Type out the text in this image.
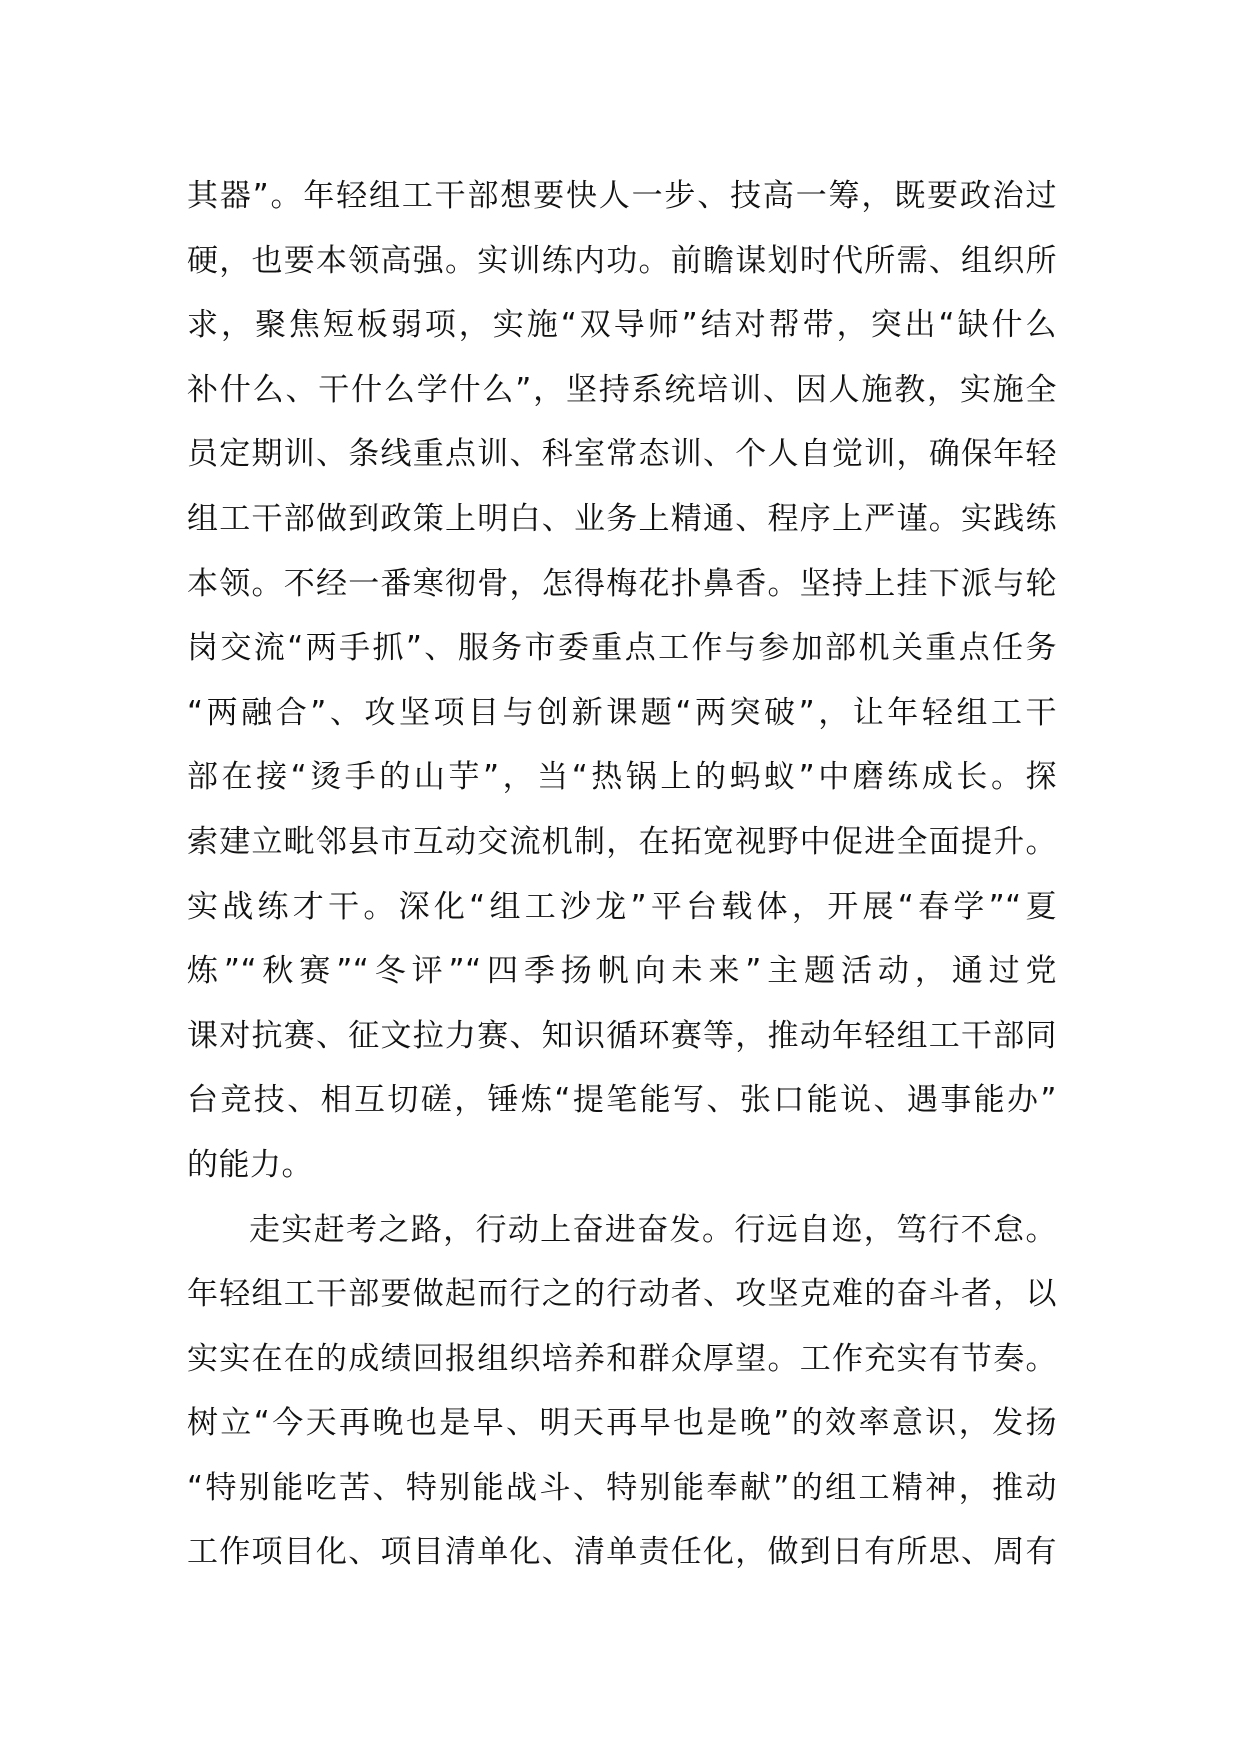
其器”。年轻组工干部想要快人一步、技高一筹，既要政治过
硬，也要本领高强。实训练内功。前瞻谋划时代所需、组织所
求，聚焦短板弱项，实施“双导师”结对帮带，突出“缺什么
补什么、干什么学什么”，坚持系统培训、因人施教，实施全
员定期训、条线重点训、科室常态训、个人自觉训，确保年轻
组工干部做到政策上明白、业务上精通、程序上严谨。实践练
本领。不经一番寒彻骨，怎得梅花扑鼻香。坚持上挂下派与轮
岗交流“两手抓”、服务市委重点工作与参加部机关重点任务
“两融合”、攻坚项目与创新课题“两突破”，让年轻组工干
部在接“烫手的山芋”，当“热锅上的蚂蚁”中磨练成长。探
索建立毗邻县市互动交流机制，在拓宽视野中促进全面提升。
实战练才干。深化“组工沙龙”平台载体，开展“春学”“夏
炼”“秋赛”“冬评”“四季扬帆向未来”主题活动，通过党
课对抗赛、征文拉力赛、知识循环赛等，推动年轻组工干部同
台竞技、相互切磋，锤炼“提笔能写、张口能说、遇事能办”
的能力。
走实赶考之路，行动上奋进奋发。行远自迩，笃行不怠。
年轻组工干部要做起而行之的行动者、攻坚克难的奋斗者，以
实实在在的成绩回报组织培养和群众厚望。工作充实有节奏。
树立“今天再晚也是早、明天再早也是晚”的效率意识，发扬
“特别能吃苦、特别能战斗、特别能奉献”的组工精神，推动
工作项目化、项目清单化、清单责任化，做到日有所思、周有
